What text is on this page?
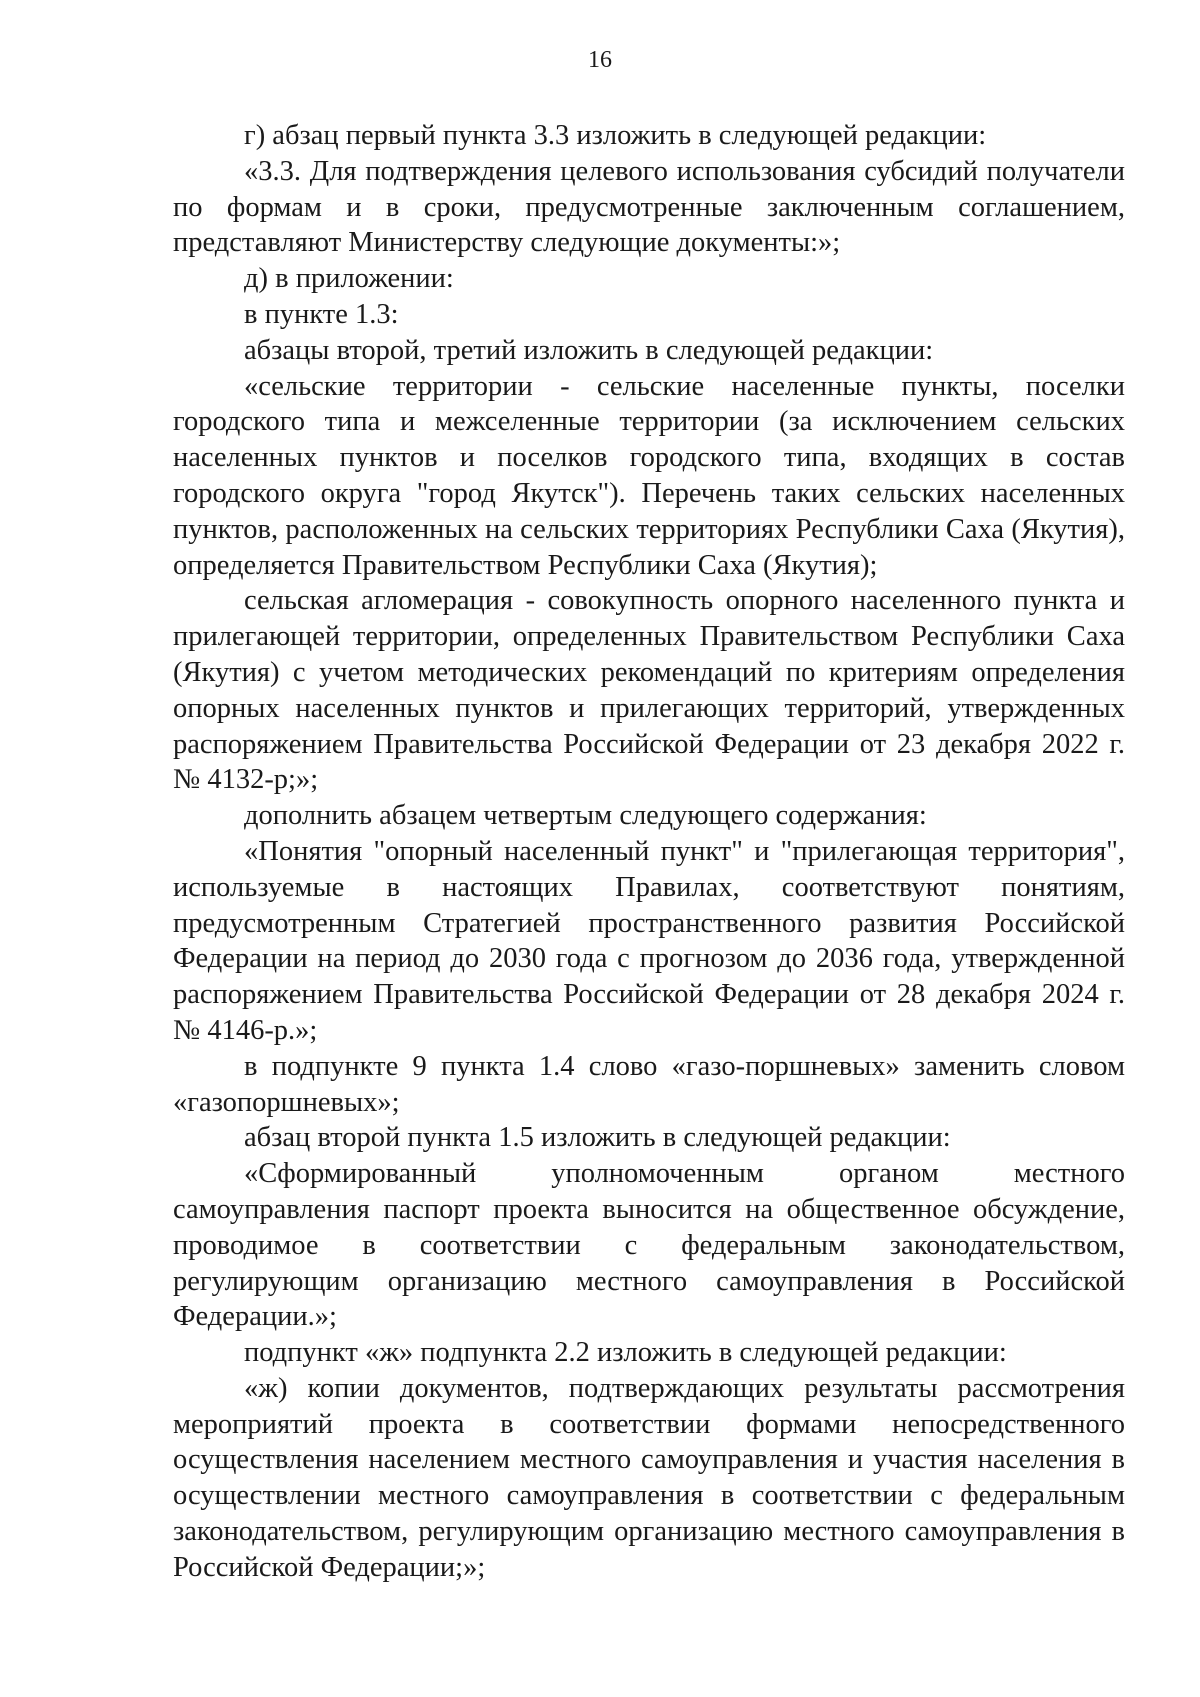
16

г) абзац первый пункта 3.3 изложить в следующей редакции:

«3.3. Для подтверждения целевого использования субсидий получатели по формам и в сроки, предусмотренные заключенным соглашением, представляют Министерству следующие документы:»;

д) в приложении:

в пункте 1.3:

абзацы второй, третий изложить в следующей редакции:

«сельские территории - сельские населенные пункты, поселки городского типа и межселенные территории (за исключением сельских населенных пунктов и поселков городского типа, входящих в состав городского округа "город Якутск"). Перечень таких сельских населенных пунктов, расположенных на сельских территориях Республики Саха (Якутия), определяется Правительством Республики Саха (Якутия);

сельская агломерация - совокупность опорного населенного пункта и прилегающей территории, определенных Правительством Республики Саха (Якутия) с учетом методических рекомендаций по критериям определения опорных населенных пунктов и прилегающих территорий, утвержденных распоряжением Правительства Российской Федерации от 23 декабря 2022 г. № 4132-р;»;

дополнить абзацем четвертым следующего содержания:

«Понятия "опорный населенный пункт" и "прилегающая территория", используемые в настоящих Правилах, соответствуют понятиям, предусмотренным Стратегией пространственного развития Российской Федерации на период до 2030 года с прогнозом до 2036 года, утвержденной распоряжением Правительства Российской Федерации от 28 декабря 2024 г. № 4146-р.»;

в подпункте 9 пункта 1.4 слово «газо-поршневых» заменить словом «газопоршневых»;

абзац второй пункта 1.5 изложить в следующей редакции:

«Сформированный уполномоченным органом местного самоуправления паспорт проекта выносится на общественное обсуждение, проводимое в соответствии с федеральным законодательством, регулирующим организацию местного самоуправления в Российской Федерации.»;

подпункт «ж» подпункта 2.2 изложить в следующей редакции:

«ж) копии документов, подтверждающих результаты рассмотрения мероприятий проекта в соответствии формами непосредственного осуществления населением местного самоуправления и участия населения в осуществлении местного самоуправления в соответствии с федеральным законодательством, регулирующим организацию местного самоуправления в Российской Федерации;»;
